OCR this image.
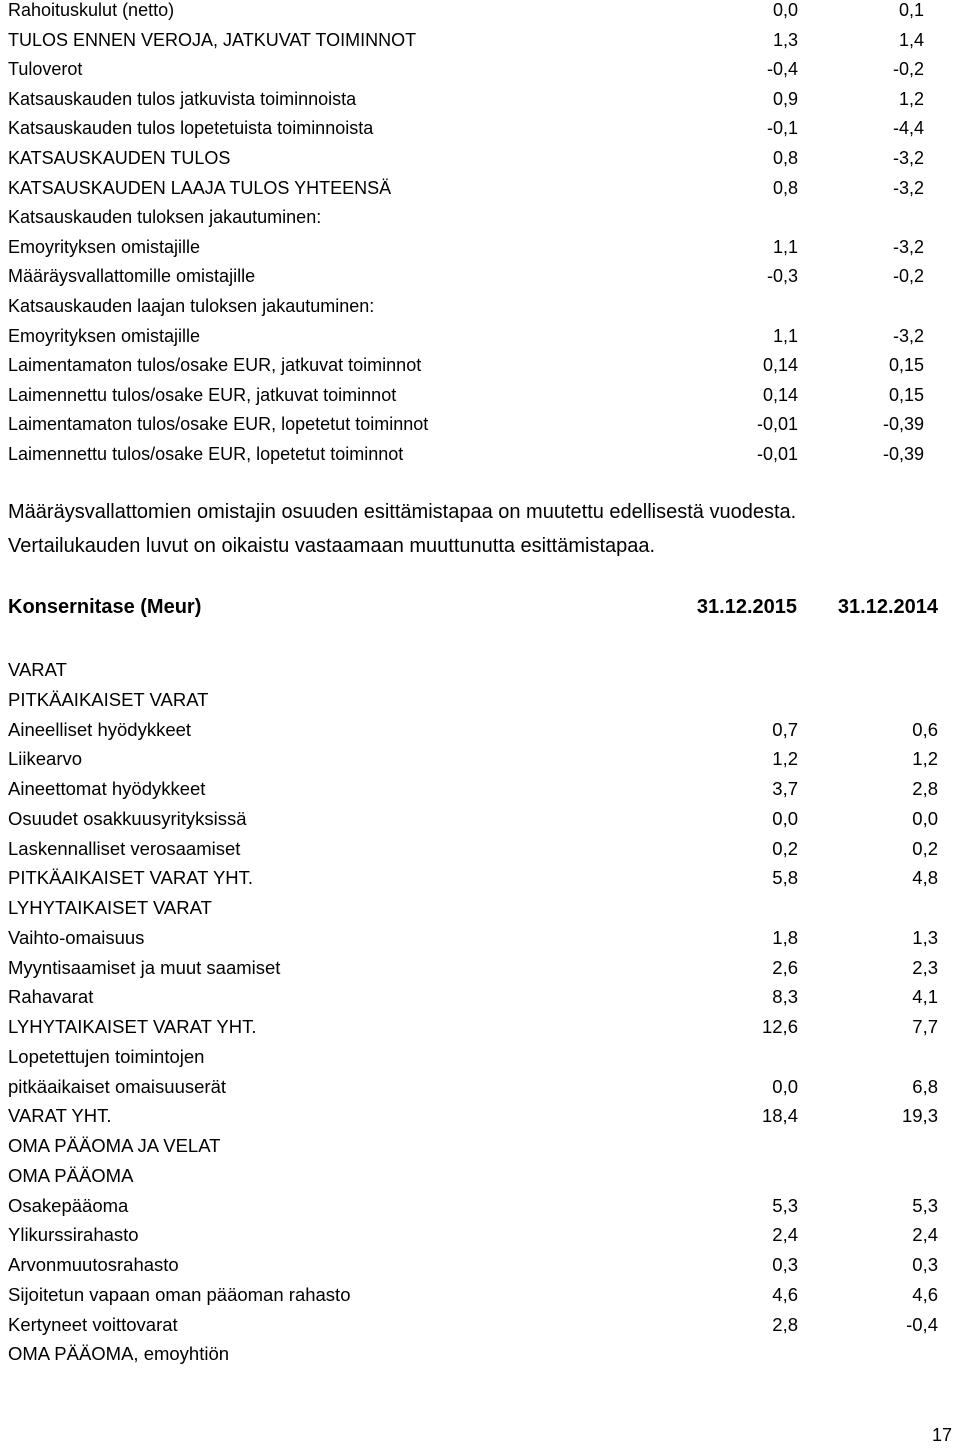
Rahoituskulut (netto)	0,0	0,1
TULOS ENNEN VEROJA, JATKUVAT TOIMINNOT	1,3	1,4
Tuloverot	-0,4	-0,2
Katsauskauden tulos jatkuvista toiminnoista	0,9	1,2
Katsauskauden tulos lopetetuista toiminnoista	-0,1	-4,4
KATSAUSKAUDEN TULOS	0,8	-3,2
KATSAUSKAUDEN LAAJA TULOS YHTEENSÄ	0,8	-3,2
Katsauskauden tuloksen jakautuminen:
Emoyrityksen omistajille	1,1	-3,2
Määräysvallattomille omistajille	-0,3	-0,2
Katsauskauden laajan tuloksen jakautuminen:
Emoyrityksen omistajille	1,1	-3,2
Laimentamaton tulos/osake EUR, jatkuvat toiminnot	0,14	0,15
Laimennettu tulos/osake EUR, jatkuvat toiminnot	0,14	0,15
Laimentamaton tulos/osake EUR, lopetetut toiminnot	-0,01	-0,39
Laimennettu tulos/osake EUR, lopetetut toiminnot	-0,01	-0,39
Määräysvallattomien omistajin osuuden esittämistapaa on muutettu edellisestä vuodesta.
Vertailukauden luvut on oikaistu vastaamaan muuttunutta esittämistapaa.
Konsernitase (Meur)	31.12.2015 31.12.2014
VARAT
PITKÄAIKAISET VARAT
Aineelliset hyödykkeet	0,7	0,6
Liikearvo	1,2	1,2
Aineettomat hyödykkeet	3,7	2,8
Osuudet osakkuusyrityksissä	0,0	0,0
Laskennalliset verosaamiset	0,2	0,2
PITKÄAIKAISET VARAT YHT.	5,8	4,8
LYHYTAIKAISET VARAT
Vaihto-omaisuus	1,8	1,3
Myyntisaamiset ja muut saamiset	2,6	2,3
Rahavarat	8,3	4,1
LYHYTAIKAISET VARAT YHT.	12,6	7,7
Lopetettujen toimintojen
pitkäaikaiset omaisuuserät	0,0	6,8
VARAT YHT.	18,4	19,3
OMA PÄÄOMA JA VELAT
OMA PÄÄOMA
Osakepääoma	5,3	5,3
Ylikurssirahasto	2,4	2,4
Arvonmuutosrahasto	0,3	0,3
Sijoitetun vapaan oman pääoman rahasto	4,6	4,6
Kertyneet voittovarat	2,8	-0,4
OMA PÄÄOMA, emoyhtiön
17
